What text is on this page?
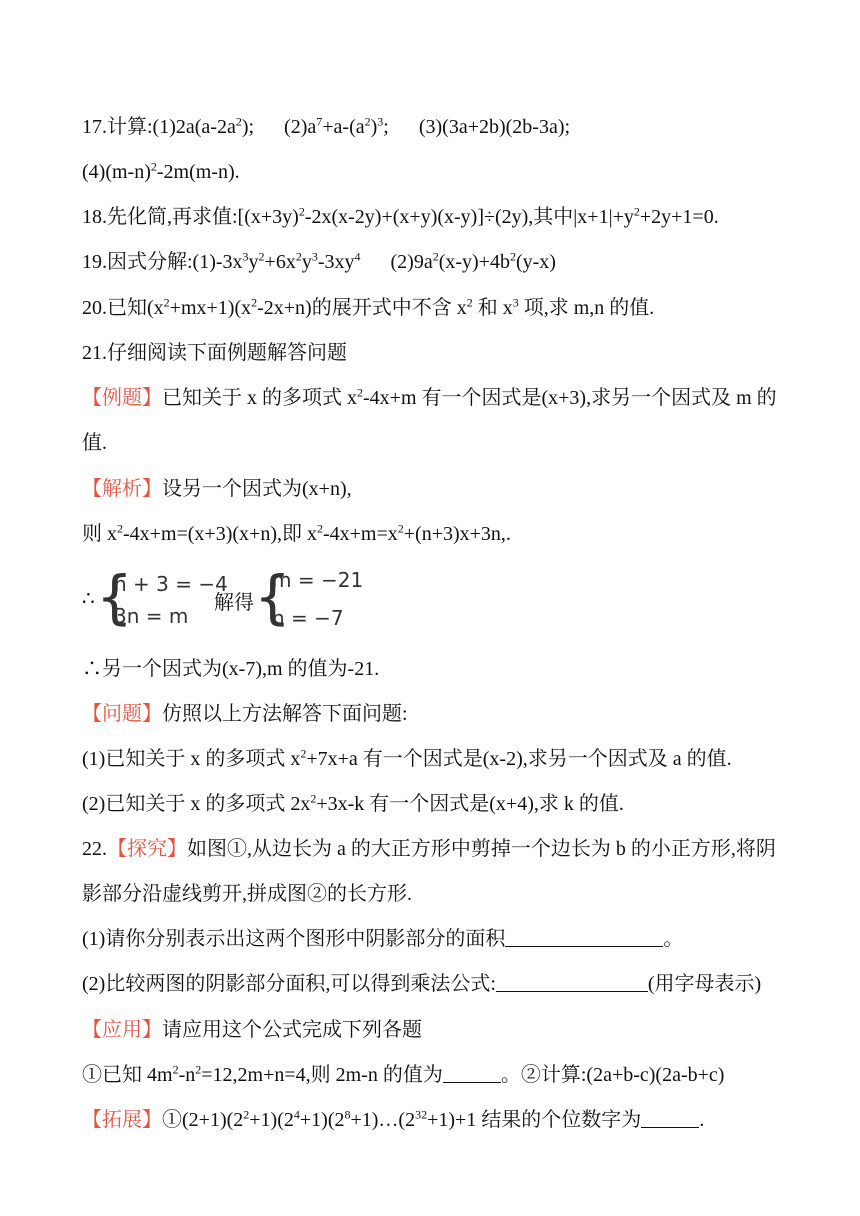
17.计算$:(1)2a(a-2a^2)$;      $(2)a^7+a-(a^2)^3$;      (3)(3a+2b)(2b-3a);
$(4)(m-n)^2-2m(m-n)$.
18.先化简,再求值$:[(x+3y)^2-2x(x-2y)+(x+y)(x-y)]\div(2y)$,其中$|x+1|+y^2+2y+1=0$.
19.因式分解$:(1)-3x^3y^2+6x^2y^3-3xy^4$      $(2)9a^2(x-y)+4b^2(y-x)$
20.已知$(x^2+mx+1)(x^2-2x+n)$的展开式中不含 $x^2$ 和 $x^3$ 项,求 m,n 的值.
21.仔细阅读下面例题解答问题
【例题】已知关于 x 的多项式 $x^2-4x+m$ 有一个因式是(x+3),求另一个因式及 m 的
值.
【解析】设另一个因式为(x+n),
则 $x^2-4x+m=(x+3)(x+n)$,即 $x^2-4x+m=x^2+(n+3)x+3n$,.
∴ {
n + 3 = −4
3n = m
解得 {
m = −21
n = −7
∴另一个因式为(x-7),m 的值为-21.
【问题】仿照以上方法解答下面问题:
(1)已知关于 x 的多项式 $x^2+7x+a$ 有一个因式是(x-2),求另一个因式及 a 的值.
(2)已知关于 x 的多项式 $2x^2+3x-k$ 有一个因式是(x+4),求 k 的值.
22.【探究】如图①,从边长为 a 的大正方形中剪掉一个边长为 b 的小正方形,将阴
影部分沿虚线剪开,拼成图②的长方形.
(1)请你分别表示出这两个图形中阴影部分的面积	。
(2)比较两图的阴影部分面积,可以得到乘法公式:	(用字母表示)
【应用】请应用这个公式完成下列各题
①已知 $4m^2-n^2=12,2m+n=4$,则 2m-n 的值为	。②计算:(2a+b-c)(2a-b+c)
【拓展】$①(2+1)(2^2+1)(2^4+1)(2^8+1)\dots(2^{32}+1)+1$ 结果的个位数字为	.
